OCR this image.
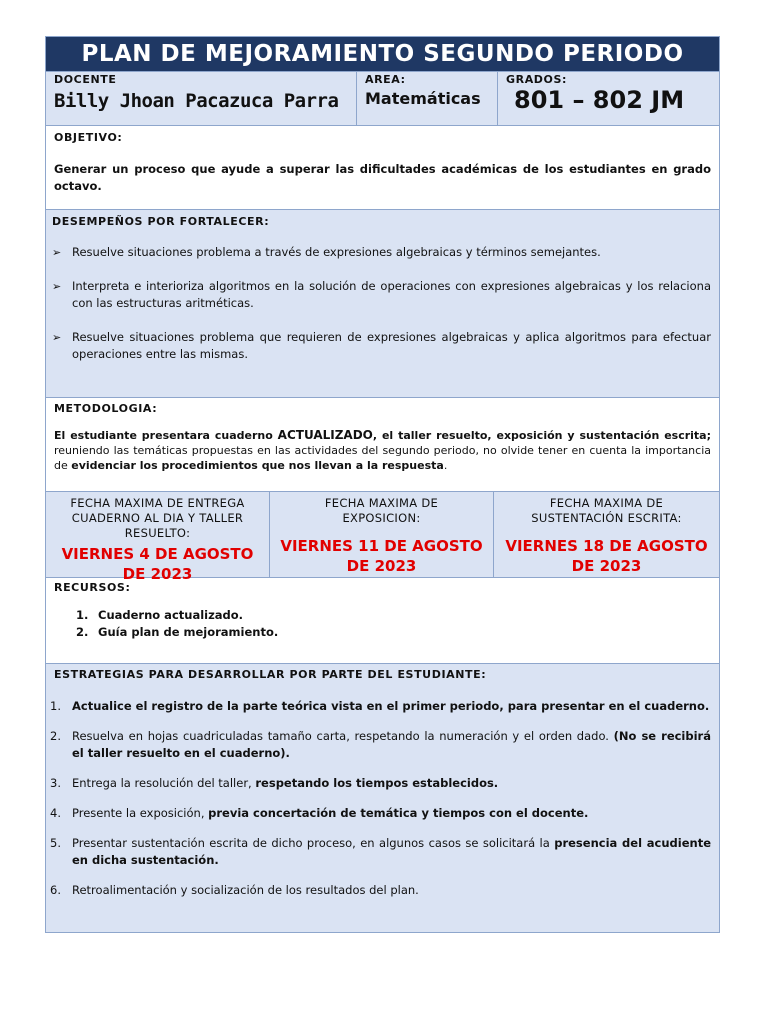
PLAN DE MEJORAMIENTO SEGUNDO PERIODO
DOCENTE
Billy Jhoan Pacazuca Parra
AREA:
Matemáticas
GRADOS:
801 – 802 JM
OBJETIVO:
Generar un proceso que ayude a superar las dificultades académicas de los estudiantes en grado octavo.
DESEMPEÑOS POR FORTALECER:
➢ Resuelve situaciones problema a través de expresiones algebraicas y términos semejantes.
➢ Interpreta e interioriza algoritmos en la solución de operaciones con expresiones algebraicas y los relaciona con las estructuras aritméticas.
➢ Resuelve situaciones problema que requieren de expresiones algebraicas y aplica algoritmos para efectuar operaciones entre las mismas.
METODOLOGIA:
El estudiante presentara cuaderno ACTUALIZADO, el taller resuelto, exposición y sustentación escrita; reuniendo las temáticas propuestas en las actividades del segundo periodo, no olvide tener en cuenta la importancia de evidenciar los procedimientos que nos llevan a la respuesta.
FECHA MAXIMA DE ENTREGA CUADERNO AL DIA Y TALLER RESUELTO:
VIERNES 4 DE AGOSTO DE 2023
FECHA MAXIMA DE EXPOSICION:
VIERNES 11 DE AGOSTO DE 2023
FECHA MAXIMA DE SUSTENTACIÓN ESCRITA:
VIERNES 18 DE AGOSTO DE 2023
RECURSOS:
1. Cuaderno actualizado.
2. Guía plan de mejoramiento.
ESTRATEGIAS PARA DESARROLLAR POR PARTE DEL ESTUDIANTE:
1. Actualice el registro de la parte teórica vista en el primer periodo, para presentar en el cuaderno.
2. Resuelva en hojas cuadriculadas tamaño carta, respetando la numeración y el orden dado. (No se recibirá el taller resuelto en el cuaderno).
3. Entrega la resolución del taller, respetando los tiempos establecidos.
4. Presente la exposición, previa concertación de temática y tiempos con el docente.
5. Presentar sustentación escrita de dicho proceso, en algunos casos se solicitará la presencia del acudiente en dicha sustentación.
6. Retroalimentación y socialización de los resultados del plan.
